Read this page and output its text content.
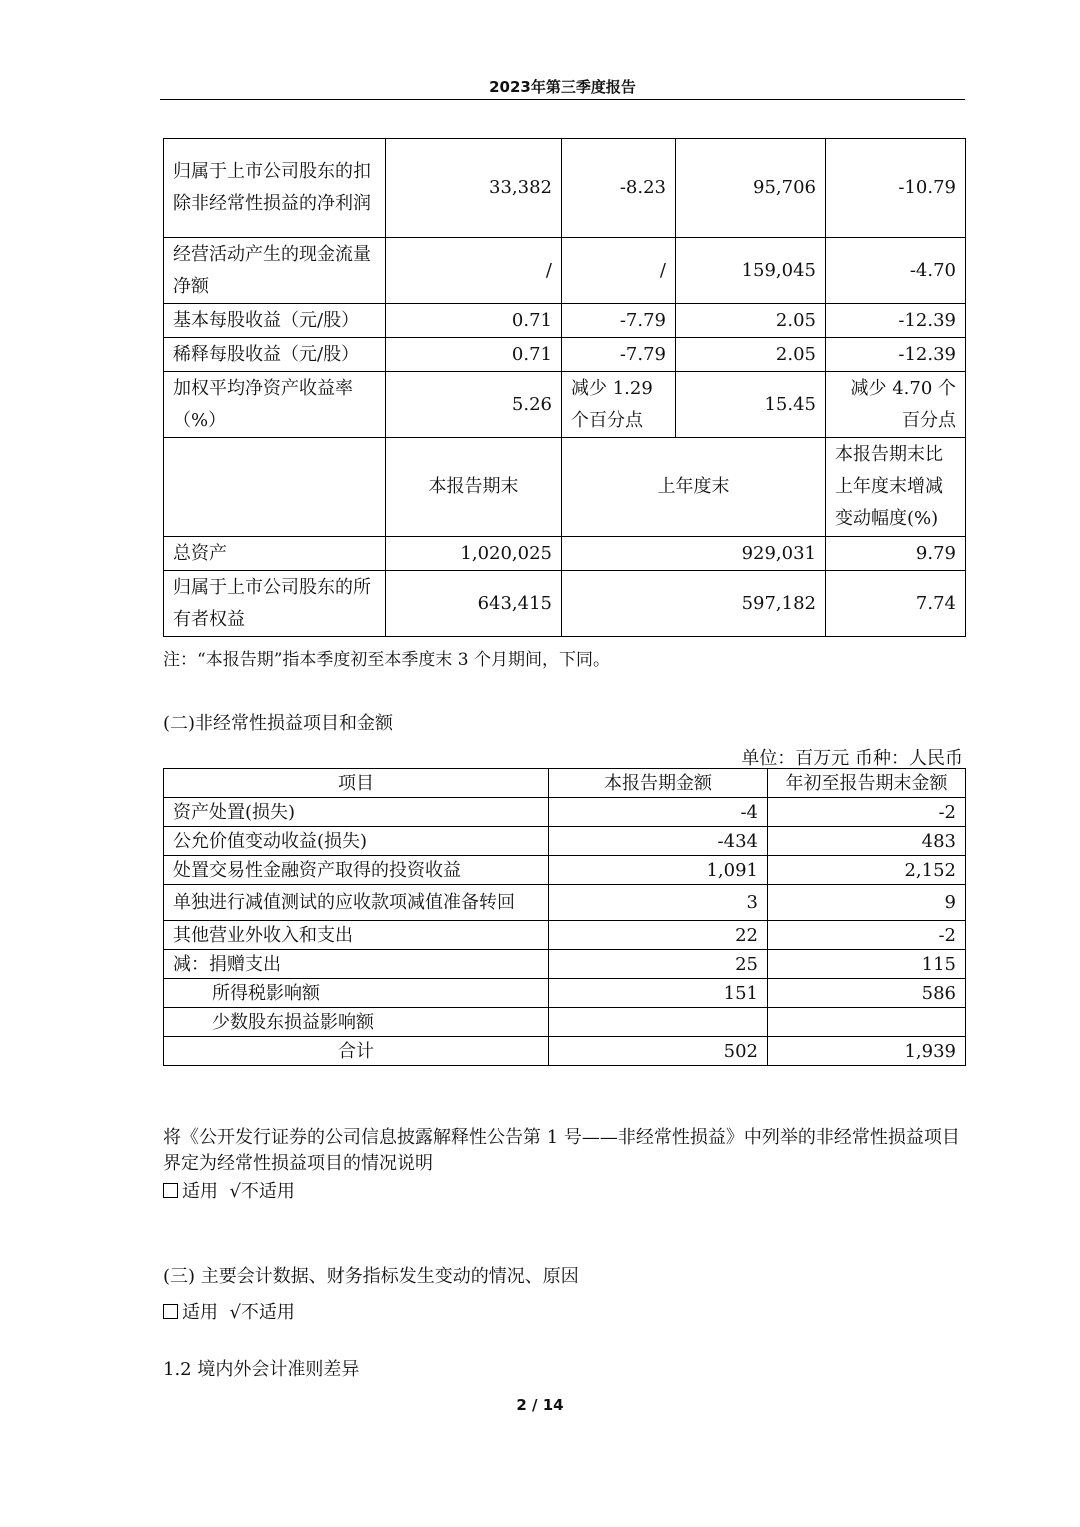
2023年第三季度报告
归属于上市公司股东的扣除非经常性损益的净利润	33,382	-8.23	95,706	-10.79
经营活动产生的现金流量净额	/	/	159,045	-4.70
基本每股收益（元/股）	0.71	-7.79	2.05	-12.39
稀释每股收益（元/股）	0.71	-7.79	2.05	-12.39
加权平均净资产收益率（%）	5.26	减少 1.29 个百分点	15.45	减少 4.70 个百分点
	本报告期末	上年度末		本报告期末比上年度末增减变动幅度(%)
总资产	1,020,025	929,031		9.79
归属于上市公司股东的所有者权益	643,415	597,182		7.74
注：“本报告期”指本季度初至本季度末 3 个月期间，下同。
(二)非经常性损益项目和金额
单位：百万元 币种：人民币
项目	本报告期金额	年初至报告期末金额
资产处置(损失)	-4	-2
公允价值变动收益(损失)	-434	483
处置交易性金融资产取得的投资收益	1,091	2,152
单独进行减值测试的应收款项减值准备转回	3	9
其他营业外收入和支出	22	-2
减：捐赠支出	25	115
所得税影响额	151	586
少数股东损益影响额		
合计	502	1,939
将《公开发行证券的公司信息披露解释性公告第 1 号——非经常性损益》中列举的非经常性损益项目界定为经常性损益项目的情况说明
适用 √不适用
(三) 主要会计数据、财务指标发生变动的情况、原因
适用 √不适用
1.2 境内外会计准则差异
2 / 14
